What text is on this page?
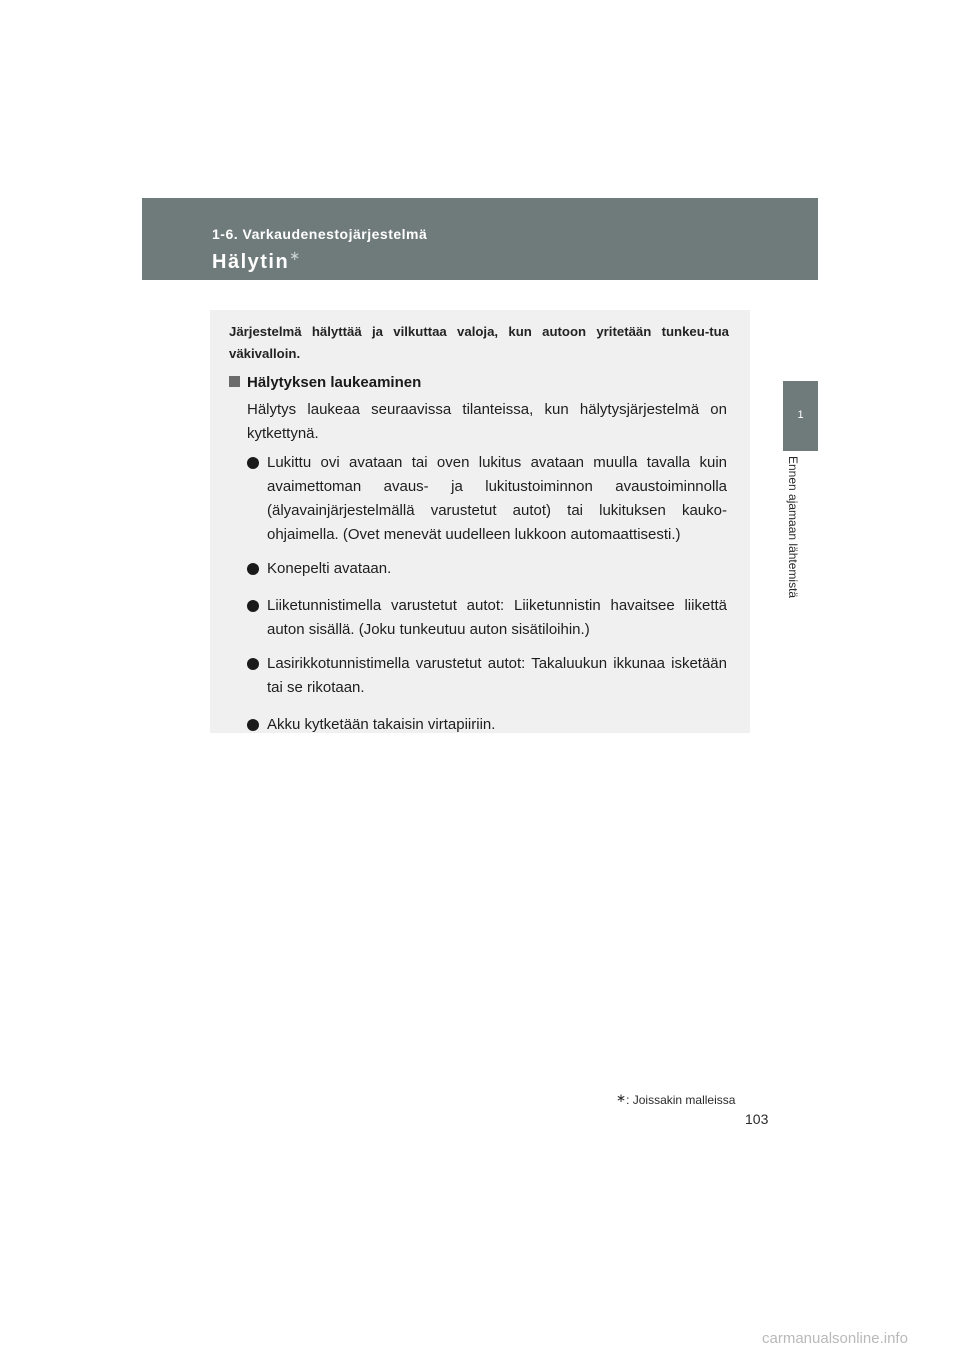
1-6. Varkaudenestojärjestelmä
Hälytin∗
1
Ennen ajamaan lähtemistä
Järjestelmä hälyttää ja vilkuttaa valoja, kun autoon yritetään tunkeu-tua väkivalloin.
Hälytyksen laukeaminen
Hälytys laukeaa seuraavissa tilanteissa, kun hälytysjärjestelmä on kytkettynä.
Lukittu ovi avataan tai oven lukitus avataan muulla tavalla kuin avaimettoman avaus- ja lukitustoiminnon avaustoiminnolla (älyavainjärjestelmällä varustetut autot) tai lukituksen kauko-ohjaimella. (Ovet menevät uudelleen lukkoon automaattisesti.)
Konepelti avataan.
Liiketunnistimella varustetut autot: Liiketunnistin havaitsee liikettä auton sisällä. (Joku tunkeutuu auton sisätiloihin.)
Lasirikkotunnistimella varustetut autot: Takaluukun ikkunaa isketään tai se rikotaan.
Akku kytketään takaisin virtapiiriin.
∗: Joissakin malleissa
103
carmanualsonline.info
